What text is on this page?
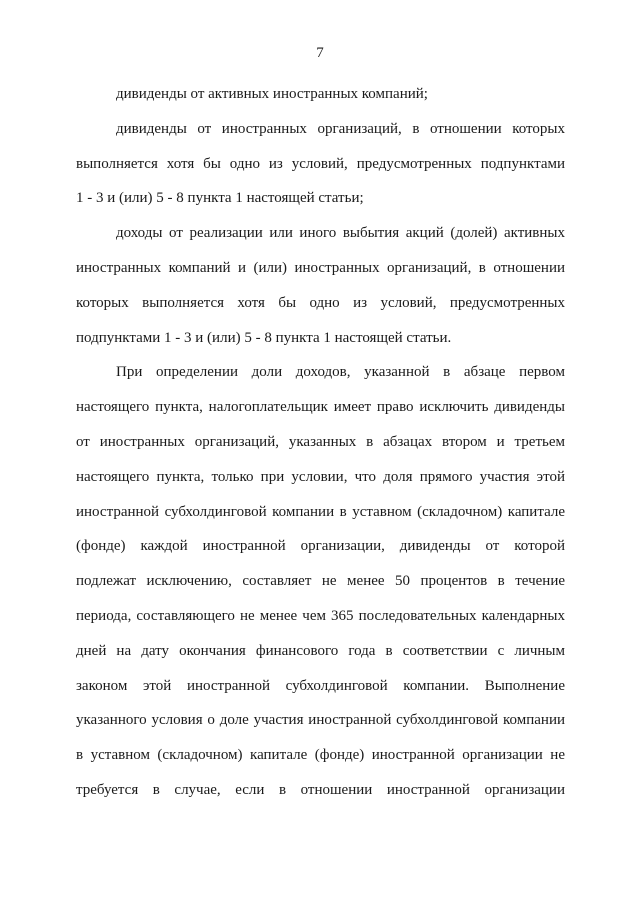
7
дивиденды от активных иностранных компаний;
дивиденды от иностранных организаций, в отношении которых
выполняется хотя бы одно из условий, предусмотренных подпунктами
1 - 3 и (или) 5 - 8 пункта 1 настоящей статьи;
доходы от реализации или иного выбытия акций (долей) активных
иностранных компаний и (или) иностранных организаций, в отношении
которых выполняется хотя бы одно из условий, предусмотренных
подпунктами 1 - 3 и (или) 5 - 8 пункта 1 настоящей статьи.
При определении доли доходов, указанной в абзаце первом
настоящего пункта, налогоплательщик имеет право исключить дивиденды
от иностранных организаций, указанных в абзацах втором и третьем
настоящего пункта, только при условии, что доля прямого участия этой
иностранной субхолдинговой компании в уставном (складочном) капитале
(фонде) каждой иностранной организации, дивиденды от которой
подлежат исключению, составляет не менее 50 процентов в течение
периода, составляющего не менее чем 365 последовательных календарных
дней на дату окончания финансового года в соответствии с личным
законом этой иностранной субхолдинговой компании. Выполнение
указанного условия о доле участия иностранной субхолдинговой компании
в уставном (складочном) капитале (фонде) иностранной организации не
требуется в случае, если в отношении иностранной организации
